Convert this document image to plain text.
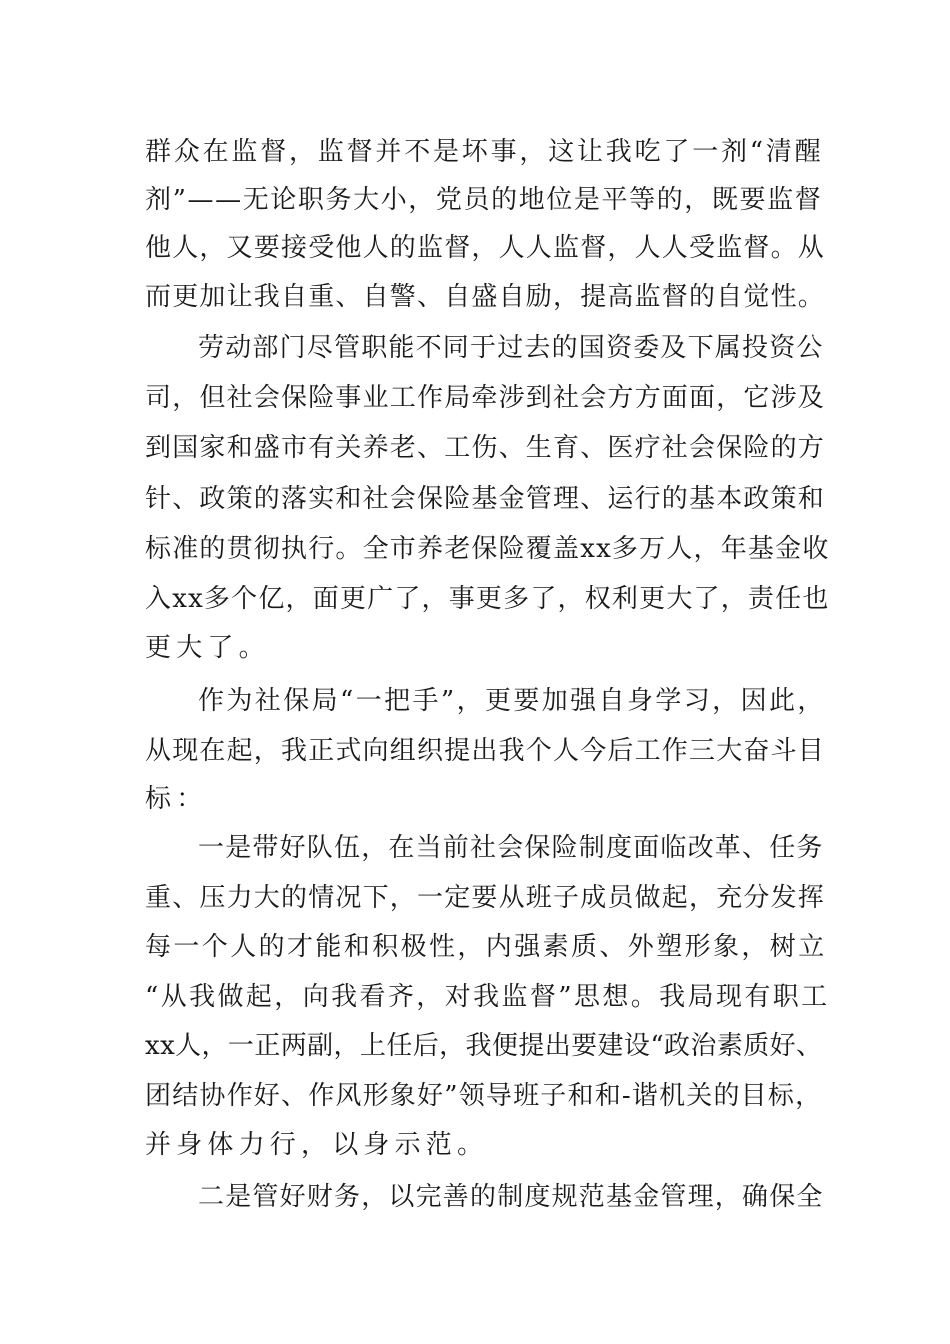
群众在监督，监督并不是坏事，这让我吃了一剂“清醒
剂”——无论职务大小，党员的地位是平等的，既要监督
他人，又要接受他人的监督，人人监督，人人受监督。从
而更加让我自重、自警、自盛自励，提高监督的自觉性。
劳动部门尽管职能不同于过去的国资委及下属投资公
司，但社会保险事业工作局牵涉到社会方方面面，它涉及
到国家和盛市有关养老、工伤、生育、医疗社会保险的方
针、政策的落实和社会保险基金管理、运行的基本政策和
标准的贯彻执行。全市养老保险覆盖xx多万人，年基金收
入xx多个亿，面更广了，事更多了，权利更大了，责任也
更大了。
作为社保局“一把手”，更要加强自身学习，因此，
从现在起，我正式向组织提出我个人今后工作三大奋斗目
标：
一是带好队伍，在当前社会保险制度面临改革、任务
重、压力大的情况下，一定要从班子成员做起，充分发挥
每一个人的才能和积极性，内强素质、外塑形象，树立
“从我做起，向我看齐，对我监督”思想。我局现有职工
xx人，一正两副，上任后，我便提出要建设“政治素质好、
团结协作好、作风形象好”领导班子和和-谐机关的目标，
并身体力行，以身示范。
二是管好财务，以完善的制度规范基金管理，确保全
